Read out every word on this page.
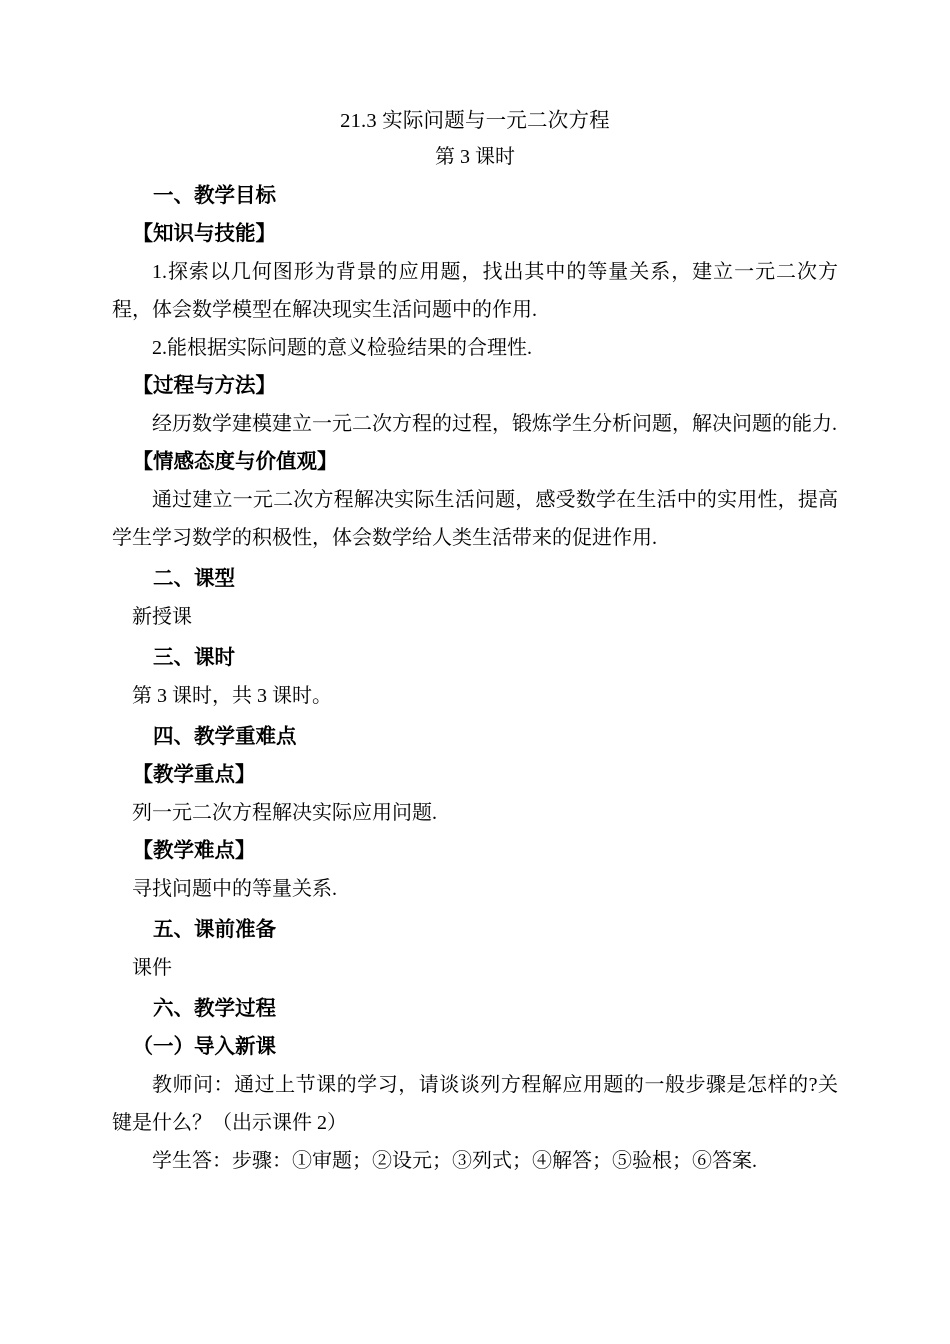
21.3 实际问题与一元二次方程
第 3 课时
一、教学目标
【知识与技能】

1.探索以几何图形为背景的应用题，找出其中的等量关系，建立一元二次方程，体会数学模型在解决现实生活问题中的作用.

2.能根据实际问题的意义检验结果的合理性.

【过程与方法】

经历数学建模建立一元二次方程的过程，锻炼学生分析问题，解决问题的能力.

【情感态度与价值观】

通过建立一元二次方程解决实际生活问题，感受数学在生活中的实用性，提高学生学习数学的积极性，体会数学给人类生活带来的促进作用.

二、课型

新授课

三、课时

第 3 课时，共 3 课时。

四、教学重难点
【教学重点】

列一元二次方程解决实际应用问题.

【教学难点】

寻找问题中的等量关系.

五、课前准备

课件

六、教学过程
（一）导入新课

教师问：通过上节课的学习，请谈谈列方程解应用题的一般步骤是怎样的?关键是什么？（出示课件 2）

学生答：步骤：①审题；②设元；③列式；④解答；⑤验根；⑥答案.
